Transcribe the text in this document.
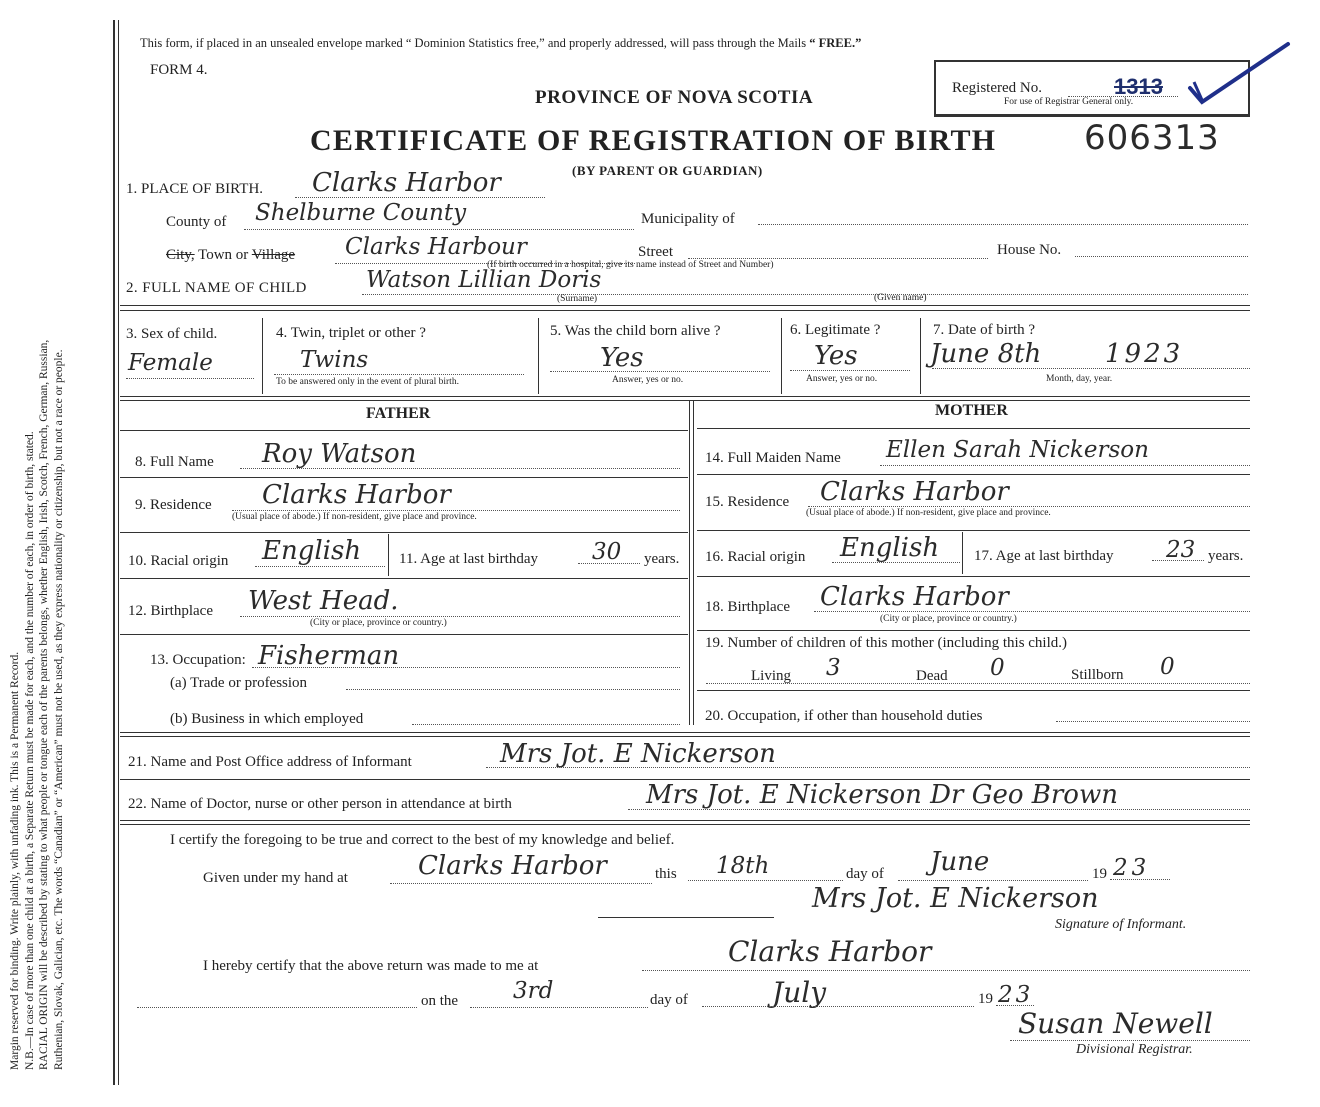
Margin reserved for binding. Write plainly, with unfading ink. This is a Permanent Record. N.B.—In case of more than one child at a birth, a Separate Return must be made for each, and the number of each, in order of birth, stated. RACIAL ORIGIN will be described by stating to what people or tongue each of the parents belongs, whether English, Irish, Scotch, French, German, Russian, Ruthenian, Slovak, Galician, etc. The words “Canadian” or “American” must not be used, as they express nationality or citizenship, but not a race or people.
This form, if placed in an unsealed envelope marked “ Dominion Statistics free,” and properly addressed, will pass through the Mails “ FREE.”
FORM 4.
PROVINCE OF NOVA SCOTIA	Registered No.	1313
For use of Registrar General only.
CERTIFICATE OF REGISTRATION OF BIRTH	606313
(BY PARENT OR GUARDIAN)
1. PLACE OF BIRTH. Clarks Harbor
County of Shelburne County	Municipality of
City, Town or Village Clarks Harbour	Street	House No.
(If birth occurred in a hospital, give its name instead of Street and Number)
2. FULL NAME OF CHILD	Watson Lillian Doris
(Surname)	(Given name)
3. Sex of child.
Female
4. Twin, triplet or other ?
Twins
To be answered only in the event of plural birth.
5. Was the child born alive ?
Yes
Answer, yes or no.
6. Legitimate ?
Yes
Answer, yes or no.
7. Date of birth ?
June 8th 1923
Month, day, year.
FATHER	MOTHER
8. Full Name Roy Watson
9. Residence Clarks Harbor
(Usual place of abode.) If non-resident, give place and province.
10. Racial origin English	11. Age at last birthday 30 years.
12. Birthplace West Head.
(City or place, province or country.)
13. Occupation: Fisherman
(a) Trade or profession
(b) Business in which employed
14. Full Maiden Name Ellen Sarah Nickerson
15. Residence Clarks Harbor
(Usual place of abode.) If non-resident, give place and province.
16. Racial origin English 17. Age at last birthday 23 years.
18. Birthplace Clarks Harbor
(City or place, province or country.)
19. Number of children of this mother (including this child.)
Living 3	Dead 0	Stillborn 0
20. Occupation, if other than household duties
21. Name and Post Office address of Informant	Mrs Jot. E Nickerson
22. Name of Doctor, nurse or other person in attendance at birth	Mrs Jot. E Nickerson Dr Geo Brown
I certify the foregoing to be true and correct to the best of my knowledge and belief.
Given under my hand at	Clarks Harbor	this 18th	day of June	19 23
Mrs Jot. E Nickerson
Signature of Informant.
I hereby certify that the above return was made to me at	Clarks Harbor
on the 3rd	day of	July	19 23
Susan Newell
Divisional Registrar.
